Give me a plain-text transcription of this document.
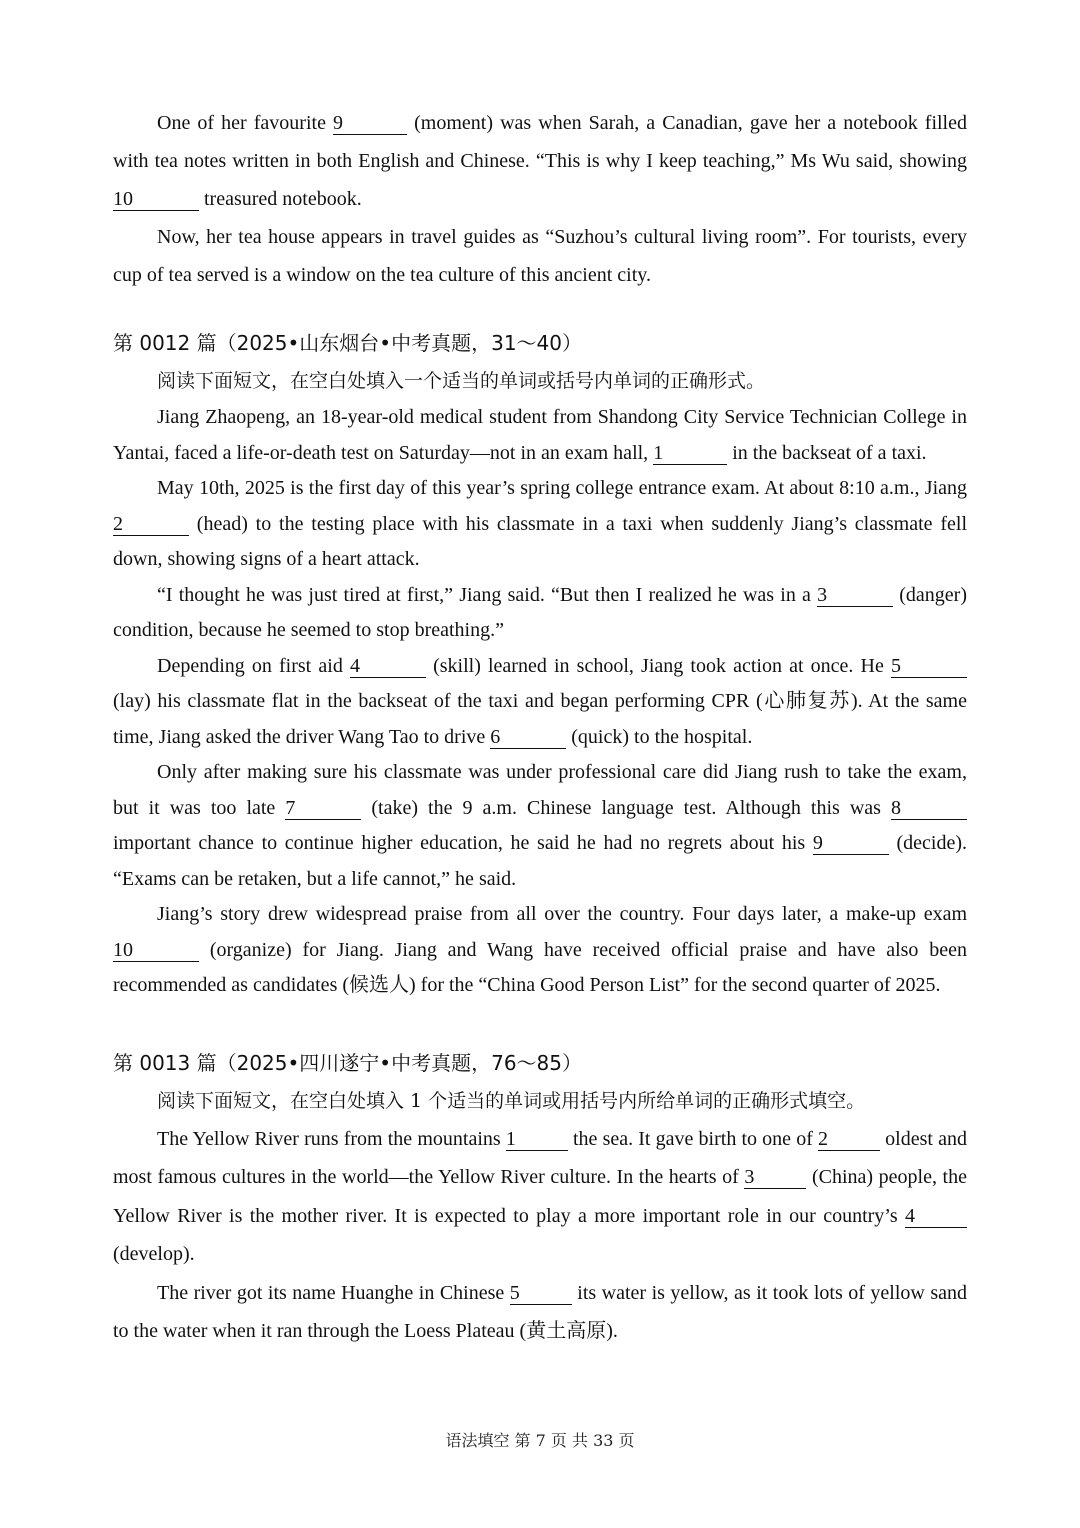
One of her favourite 9	(moment) was when Sarah, a Canadian, gave her a notebook filled with tea notes written in both English and Chinese. “This is why I keep teaching,” Ms Wu said, showing 10	treasured notebook.

Now, her tea house appears in travel guides as “Suzhou’s cultural living room”. For tourists, every cup of tea served is a window on the tea culture of this ancient city.

第 0012 篇（2025•山东烟台•中考真题，31～40）

阅读下面短文，在空白处填入一个适当的单词或括号内单词的正确形式。

Jiang Zhaopeng, an 18-year-old medical student from Shandong City Service Technician College in Yantai, faced a life-or-death test on Saturday—not in an exam hall, 1	in the backseat of a taxi.

May 10th, 2025 is the first day of this year’s spring college entrance exam. At about 8:10 a.m., Jiang 2	(head) to the testing place with his classmate in a taxi when suddenly Jiang’s classmate fell down, showing signs of a heart attack.

“I thought he was just tired at first,” Jiang said. “But then I realized he was in a 3	(danger) condition, because he seemed to stop breathing.”

Depending on first aid 4	(skill) learned in school, Jiang took action at once. He 5 (lay) his classmate flat in the backseat of the taxi and began performing CPR (心肺复苏). At the same time, Jiang asked the driver Wang Tao to drive 6	(quick) to the hospital.

Only after making sure his classmate was under professional care did Jiang rush to take the exam, but it was too late 7	(take) the 9 a.m. Chinese language test. Although this was 8 important chance to continue higher education, he said he had no regrets about his 9	(decide). “Exams can be retaken, but a life cannot,” he said.

Jiang’s story drew widespread praise from all over the country. Four days later, a make-up exam 10	(organize) for Jiang. Jiang and Wang have received official praise and have also been recommended as candidates (候选人) for the “China Good Person List” for the second quarter of 2025.

第 0013 篇（2025•四川遂宁•中考真题，76～85）

阅读下面短文，在空白处填入 1 个适当的单词或用括号内所给单词的正确形式填空。

The Yellow River runs from the mountains 1	the sea. It gave birth to one of 2	oldest and most famous cultures in the world—the Yellow River culture. In the hearts of 3	(China) people, the Yellow River is the mother river. It is expected to play a more important role in our country’s 4 (develop).

The river got its name Huanghe in Chinese 5	its water is yellow, as it took lots of yellow sand to the water when it ran through the Loess Plateau (黄土高原).

语法填空 第 7 页 共 33 页
